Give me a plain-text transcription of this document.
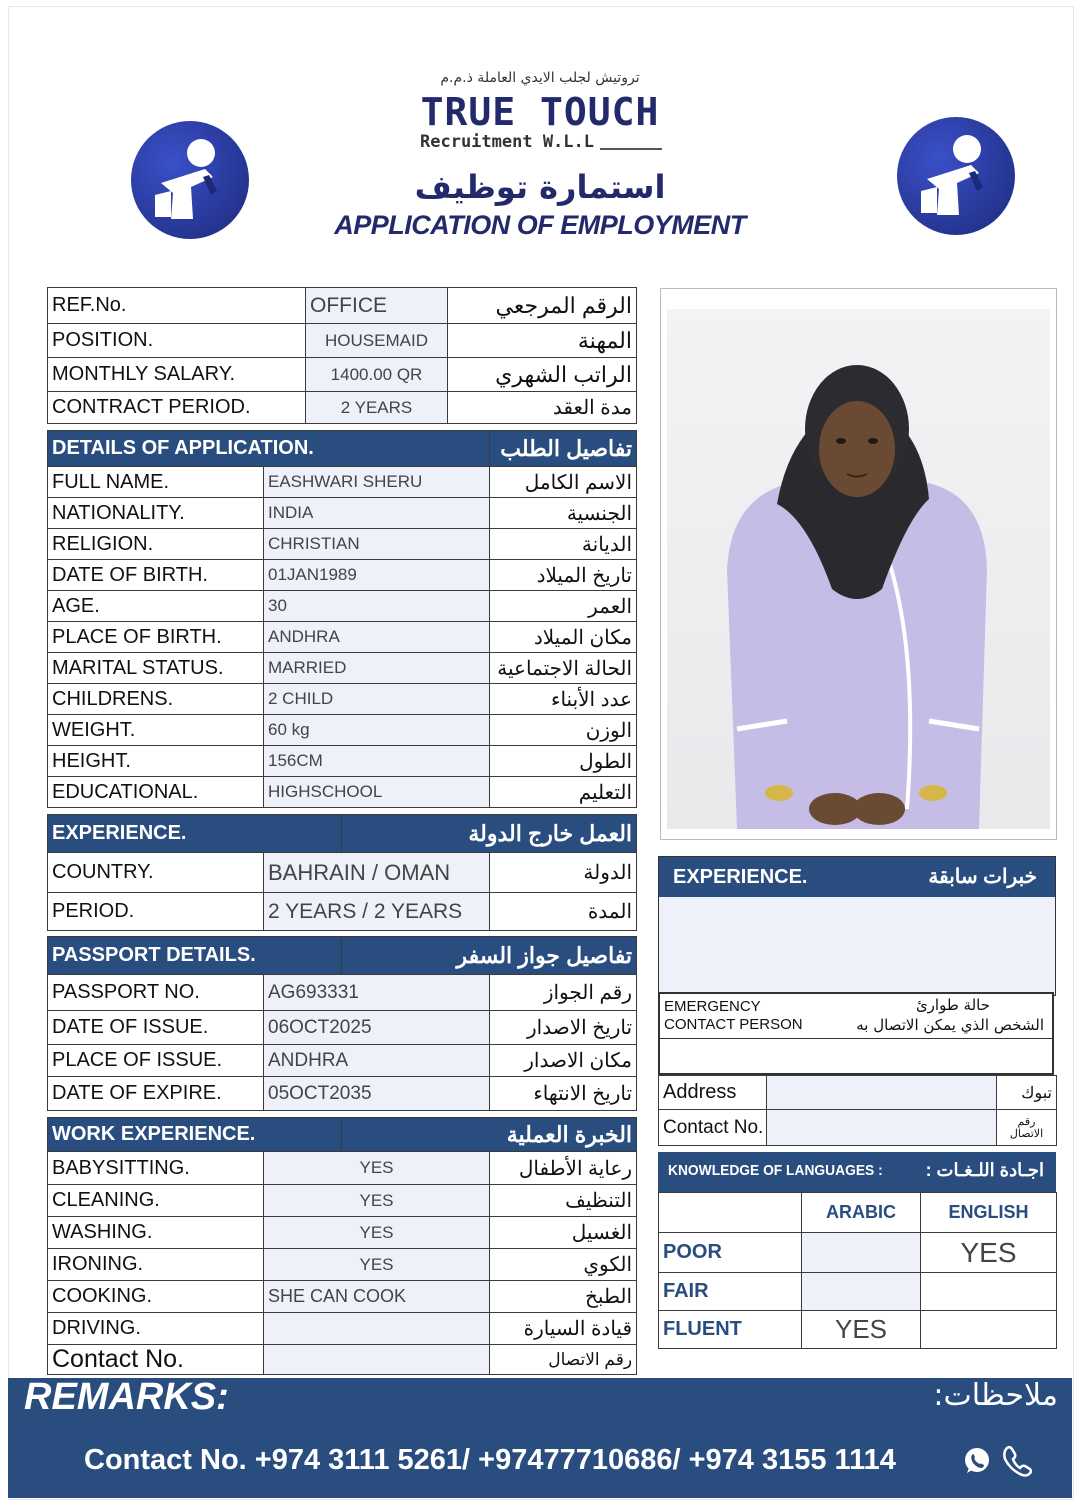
تروتيش لجلب الايدي العاملة ذ.م.م
TRUE TOUCH
Recruitment W.L.L
استمارة توظيف
APPLICATION OF EMPLOYMENT
REF.No.	OFFICE	الرقم المرجعي
POSITION.	HOUSEMAID	المهنة
MONTHLY SALARY.	1400.00 QR	الراتب الشهري
CONTRACT PERIOD.	2 YEARS	مدة العقد
DETAILS OF APPLICATION.		تفاصيل الطلب
FULL NAME.	EASHWARI SHERU	الاسم الكامل
NATIONALITY.	INDIA	الجنسية
RELIGION.	CHRISTIAN	الديانة
DATE OF BIRTH.	01JAN1989	تاريخ الميلاد
AGE.	30	العمر
PLACE OF BIRTH.	ANDHRA	مكان الميلاد
MARITAL STATUS.	MARRIED	الحالة الاجتماعية
CHILDRENS.	2 CHILD	عدد الأبناء
WEIGHT.	60 kg	الوزن
HEIGHT.	156CM	الطول
EDUCATIONAL.	HIGHSCHOOL	التعليم
EXPERIENCE.		العمل خارج الدولة	
COUNTRY.	BAHRAIN / OMAN		الدولة
PERIOD.	2 YEARS / 2 YEARS		المدة
PASSPORT DETAILS.		تفاصيل جواز السفر	
PASSPORT NO.	AG693331		رقم الجواز
DATE OF ISSUE.	06OCT2025		تاريخ الاصدار
PLACE OF ISSUE.	ANDHRA		مكان الاصدار
DATE OF EXPIRE.	05OCT2035		تاريخ الانتهاء
WORK EXPERIENCE.		الخبرة العملية	
BABYSITTING.	YES		رعاية الأطفال
CLEANING.	YES		التنظيف
WASHING.	YES		الغسيل
IRONING.	YES		الكوي
COOKING.	SHE CAN COOK		الطبخ
DRIVING.			قيادة السيارة
Contact No.			رقم الاتصال
EXPERIENCE.	خبرات سابقة
EMERGENCY
CONTACT PERSON
حالة طوارئ
الشخص الذي يمكن الاتصال به
Address		تبوك
Contact No.		رقم
الاتصال
KNOWLEDGE OF LANGUAGES : اجـادة اللـغـات :
	ARABIC	ENGLISH
POOR		YES
FAIR		
FLUENT	YES	
REMARKS:	ملاحظات:
Contact No. +974 3111 5261/ +97477710686/ +974 3155 1114
